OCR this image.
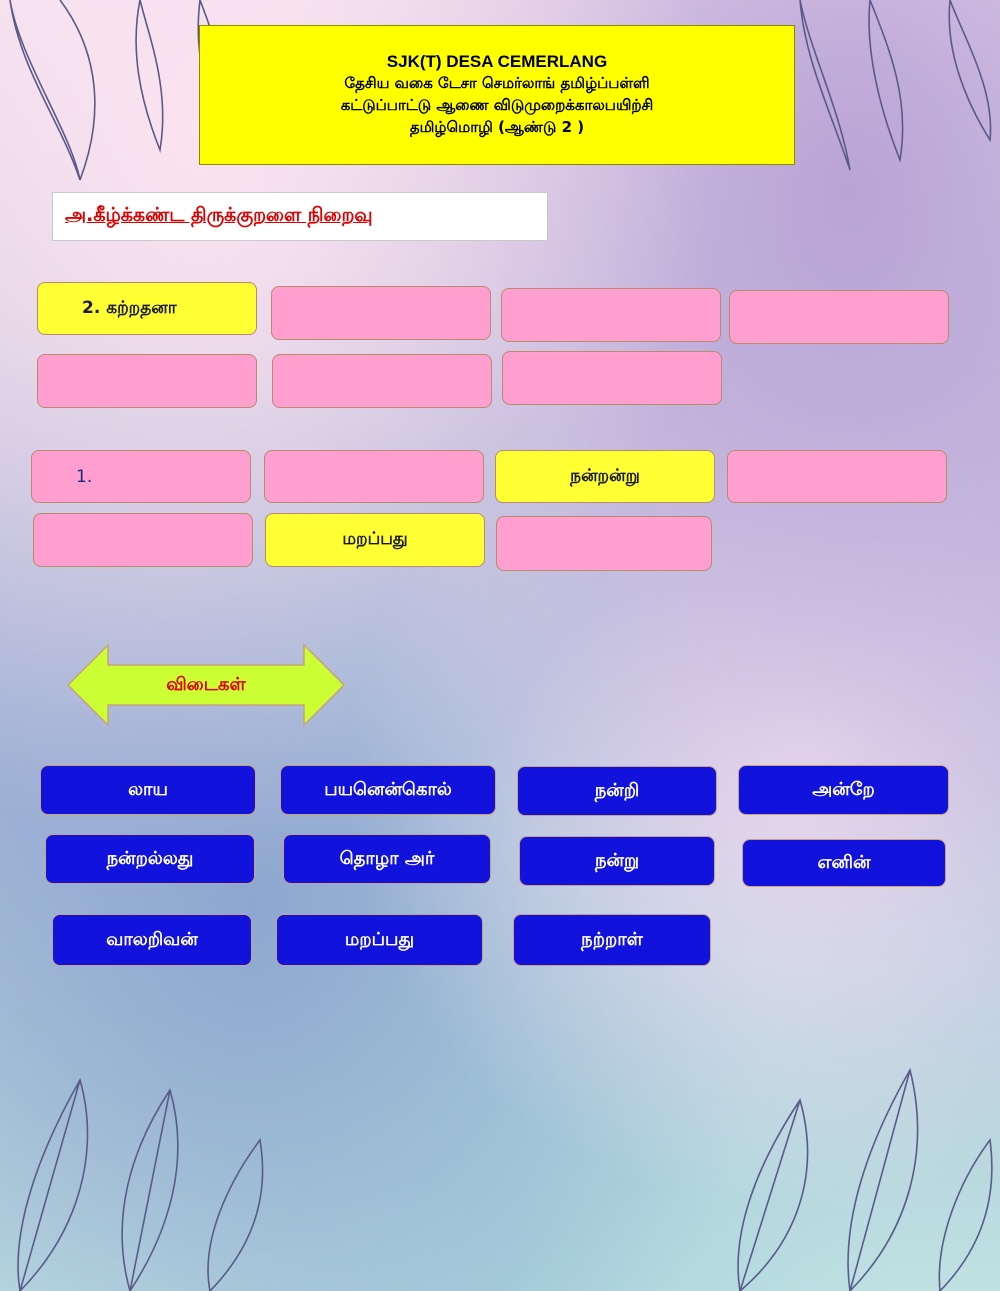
SJK(T) DESA CEMERLANG
தேசிய வகை டேசா செமர்லாங் தமிழ்ப்பள்ளி
கட்டுப்பாட்டு ஆணை விடுமுறைக்காலபயிற்சி
தமிழ்மொழி (ஆண்டு 2 )
அ.கீழ்க்கண்ட திருக்குறளை நிறைவு
2. கற்றதனா
1.	நன்றன்று
மறப்பது
விடைகள்
லாய	பயனென்கொல்	நன்றி	அன்றே
நன்றல்லது	தொழா அர்	நன்று	எனின்
வாலறிவன்	மறப்பது	நற்றாள்
